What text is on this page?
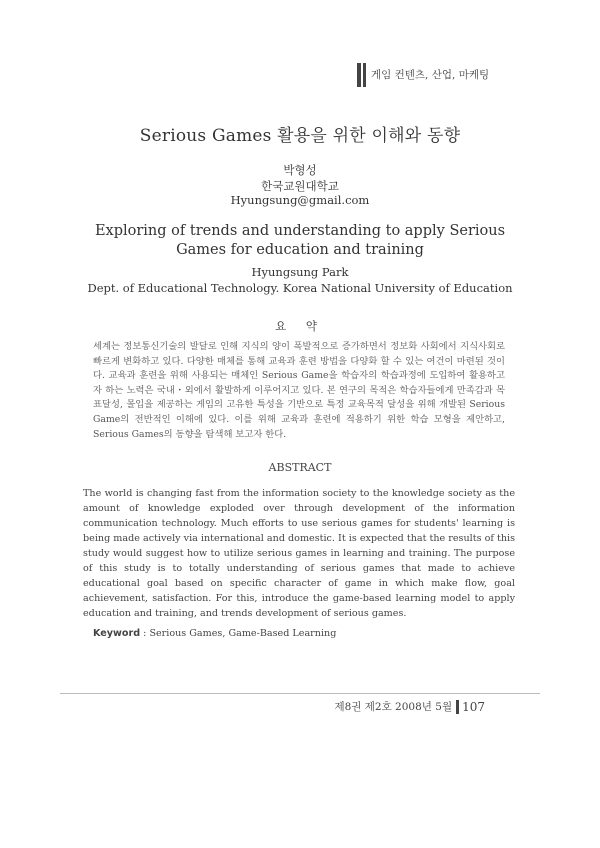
게임 컨텐츠, 산업, 마케팅
Serious Games 활용을 위한 이해와 동향
박형성
한국교원대학교
Hyungsung@gmail.com
Exploring of trends and understanding to apply Serious Games for education and training
Hyungsung Park
Dept. of Educational Technology. Korea National University of Education
요 약
세계는 정보통신기술의 발달로 인해 지식의 양이 폭발적으로 증가하면서 정보화 사회에서 지식사회로 빠르게 변화하고 있다. 다양한 매체를 통해 교육과 훈련 방법을 다양화 할 수 있는 여건이 마련된 것이다. 교육과 훈련을 위해 사용되는 매체인 Serious Game을 학습자의 학습과정에 도입하여 활용하고자 하는 노력은 국내・외에서 활발하게 이루어지고 있다. 본 연구의 목적은 학습자들에게 만족감과 목표달성, 몰입을 제공하는 게임의 고유한 특성을 기반으로 특정 교육목적 달성을 위해 개발된 Serious Game의 전반적인 이해에 있다. 이를 위해 교육과 훈련에 적용하기 위한 학습 모형을 제안하고, Serious Games의 동향을 탐색해 보고자 한다.
ABSTRACT
The world is changing fast from the information society to the knowledge society as the amount of knowledge exploded over through development of the information communication technology. Much efforts to use serious games for students' learning is being made actively via international and domestic. It is expected that the results of this study would suggest how to utilize serious games in learning and training. The purpose of this study is to totally understanding of serious games that made to achieve educational goal based on specific character of game in which make flow, goal achievement, satisfaction. For this, introduce the game-based learning model to apply education and training, and trends development of serious games.
Keyword : Serious Games, Game-Based Learning
제8권 제2호 2008년 5월 107
